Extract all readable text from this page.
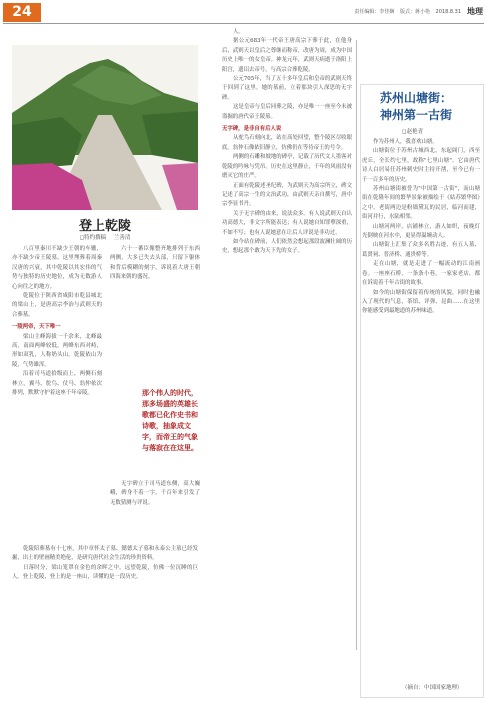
24	责任编辑：李佳娴 版式：蒋小艳 2018.8.31 地理
登上乾陵
◻特约撰稿 兰善清

八百里秦川不缺少王朝的车辙，亦不缺少帝王陵墓。这里埋葬着周秦汉唐的兴衰，其中乾陵以其宏伟的气势与独特的历史地位，成为无数游人心向往之的地方。

乾陵位于陕西省咸阳市乾县城北的梁山上，是唐高宗李治与武则天的合葬墓。

一陵两帝，天下唯一

梁山主峰海拔一千余米，北峰最高，南面两峰较低，两峰东西对峙，形如双乳，人称奶头山。乾陵依山为陵，气势雄浑。

沿着司马道拾级而上，两侧石刻林立，翼马、鸵鸟、仗马、翁仲依次排列，默默守护着这座千年帝陵。

六十一蕃臣像整齐地排列于东西两侧，大多已失去头部，只留下躯体和背后模糊的刻字，诉说着大唐王朝四海来朝的盛况。

那个伟人的时代，那多场盛的英雄长歌都已化作史书和诗歌，抽象成文字，而帝王的气象与落寂在在这里。

无字碑立于司马道东侧，高大巍峨，碑身不着一字，千百年来引发了无数猜测与评说。

乾陵陪葬墓有十七座，其中章怀太子墓、懿德太子墓和永泰公主墓已经发掘，出土的壁画精美绝伦，是研究唐代社会生活的珍贵资料。

日落时分，梁山笼罩在金色的余晖之中，远望乾陵，仿佛一位沉睡的巨人。登上乾陵，登上的是一座山，读懂的是一段历史。

人。

据公元683年一代帝王唐高宗下葬于此，在他身后，武则天以皇后之尊继而称帝，改唐为周，成为中国历史上唯一的女皇帝。神龙元年，武则天病逝于洛阳上阳宫，遗诏去帝号，与高宗合葬乾陵。

公元705年，当了五十多年皇后和皇帝的武则天终于回到了这里。她的墓前，立着那块引人深思的无字碑。

这是皇帝与皇后同葬之陵，亦是唯一一座至今未被盗掘的唐代帝王陵墓。

无字碑，是非自有后人说

从驼鸟石刻向北，站在高处回望，整个陵区尽收眼底。翁仲石像依旧静立，仿佛仍在等待帝王的号令。

两侧的石雕和坡地的碑亭，记载了历代文人墨客对乾陵的吟咏与凭吊。历史在这里静止，千年的风雨没有磨灭它的庄严。

正面有乾陵述圣纪碑，为武则天为高宗所立，碑文记述了高宗一生的文治武功，由武则天亲自撰写，唐中宗李显书丹。

关于无字碑的由来，说法众多。有人说武则天自认功高德大，非文字所能表达；有人说她自知罪孽深重，不如不写；也有人说她意在让后人评说是非功过。

如今站在碑前，人们依然会想起那段波澜壮阔的历史，想起那个敢为天下先的女子。

苏州山塘街：
神州第一古街
◻赵艳青

作为苏州人，我喜欢山塘。

山塘街位于苏州古城西北，东起阊门，西至虎丘，全长约七里，故称"七里山塘"。它由唐代诗人白居易任苏州刺史时主持开凿，至今已有一千一百多年的历史。

苏州山塘街被誉为"中国第一古街"，而山塘街在乾隆年间的繁华景象被描绘于《姑苏繁华图》之中。老街两边是粉墙黛瓦的民居，临河而建，街河并行，水陆相邻。

山塘河两岸，店铺林立，游人如织，夜晚灯光倒映在河水中，更显得温婉动人。

山塘街上汇集了众多名胜古迹，有五人墓、葛贤祠、普济桥、通贵桥等。

走在山塘，就是走进了一幅流动的江南画卷。一座座石桥，一条条小巷，一家家老店，都在诉说着千年古街的故事。

如今的山塘街保留着传统的风貌，同时也融入了现代的气息，茶馆、评弹、昆曲……在这里你能感受到最地道的苏州味道。

（摘自：中国国家地理）
